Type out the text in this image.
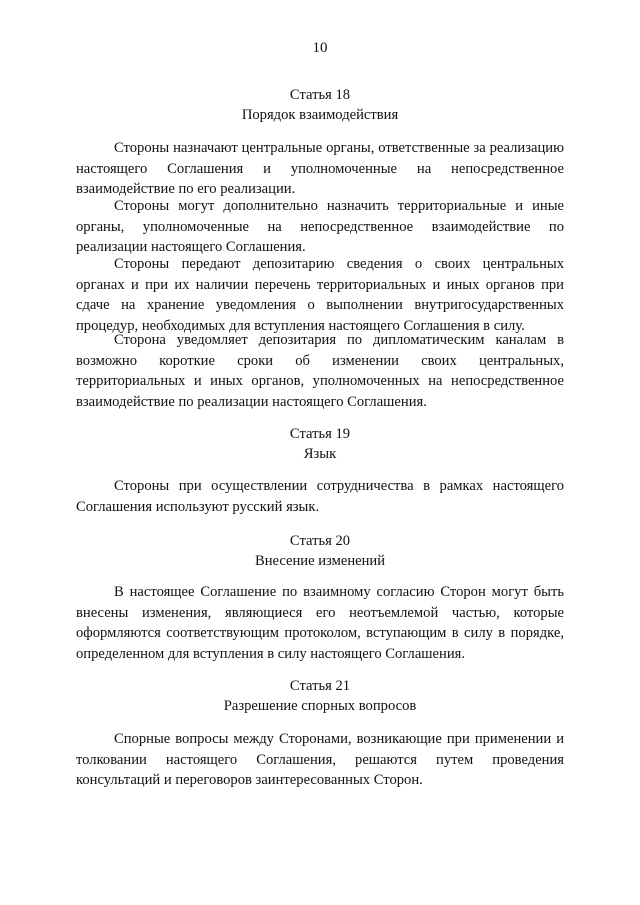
10
Статья 18
Порядок взаимодействия

Стороны назначают центральные органы, ответственные за реализацию настоящего Соглашения и уполномоченные на непосредственное взаимодействие по его реализации.

Стороны могут дополнительно назначить территориальные и иные органы, уполномоченные на непосредственное взаимодействие по реализации настоящего Соглашения.

Стороны передают депозитарию сведения о своих центральных органах и при их наличии перечень территориальных и иных органов при сдаче на хранение уведомления о выполнении внутригосударственных процедур, необходимых для вступления настоящего Соглашения в силу.

Сторона уведомляет депозитария по дипломатическим каналам в возможно короткие сроки об изменении своих центральных, территориальных и иных органов, уполномоченных на непосредственное взаимодействие по реализации настоящего Соглашения.

Статья 19
Язык

Стороны при осуществлении сотрудничества в рамках настоящего Соглашения используют русский язык.

Статья 20
Внесение изменений

В настоящее Соглашение по взаимному согласию Сторон могут быть внесены изменения, являющиеся его неотъемлемой частью, которые оформляются соответствующим протоколом, вступающим в силу в порядке, определенном для вступления в силу настоящего Соглашения.

Статья 21
Разрешение спорных вопросов

Спорные вопросы между Сторонами, возникающие при применении и толковании настоящего Соглашения, решаются путем проведения консультаций и переговоров заинтересованных Сторон.
